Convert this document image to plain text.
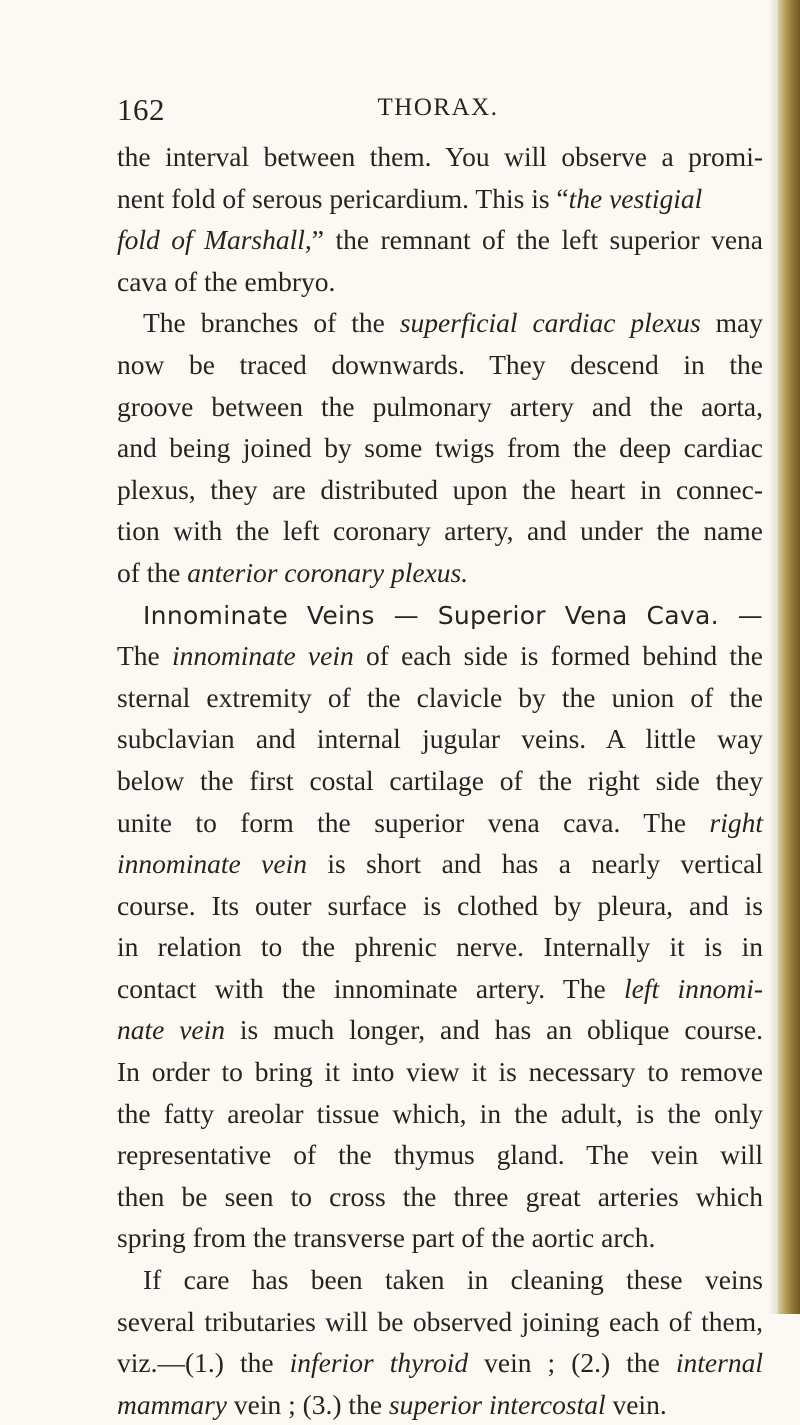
162	THORAX.
the interval between them. You will observe a promi-
nent fold of serous pericardium. This is “the vestigial
fold of Marshall,” the remnant of the left superior vena
cava of the embryo.
The branches of the superficial cardiac plexus may
now be traced downwards. They descend in the
groove between the pulmonary artery and the aorta,
and being joined by some twigs from the deep cardiac
plexus, they are distributed upon the heart in connec-
tion with the left coronary artery, and under the name
of the anterior coronary plexus.
Innominate Veins — Superior Vena Cava. —
The innominate vein of each side is formed behind the
sternal extremity of the clavicle by the union of the
subclavian and internal jugular veins. A little way
below the first costal cartilage of the right side they
unite to form the superior vena cava. The right
innominate vein is short and has a nearly vertical
course. Its outer surface is clothed by pleura, and is
in relation to the phrenic nerve. Internally it is in
contact with the innominate artery. The left innomi-
nate vein is much longer, and has an oblique course.
In order to bring it into view it is necessary to remove
the fatty areolar tissue which, in the adult, is the only
representative of the thymus gland. The vein will
then be seen to cross the three great arteries which
spring from the transverse part of the aortic arch.
If care has been taken in cleaning these veins
several tributaries will be observed joining each of them,
viz.—(1.) the inferior thyroid vein ; (2.) the internal
mammary vein ; (3.) the superior intercostal vein.
